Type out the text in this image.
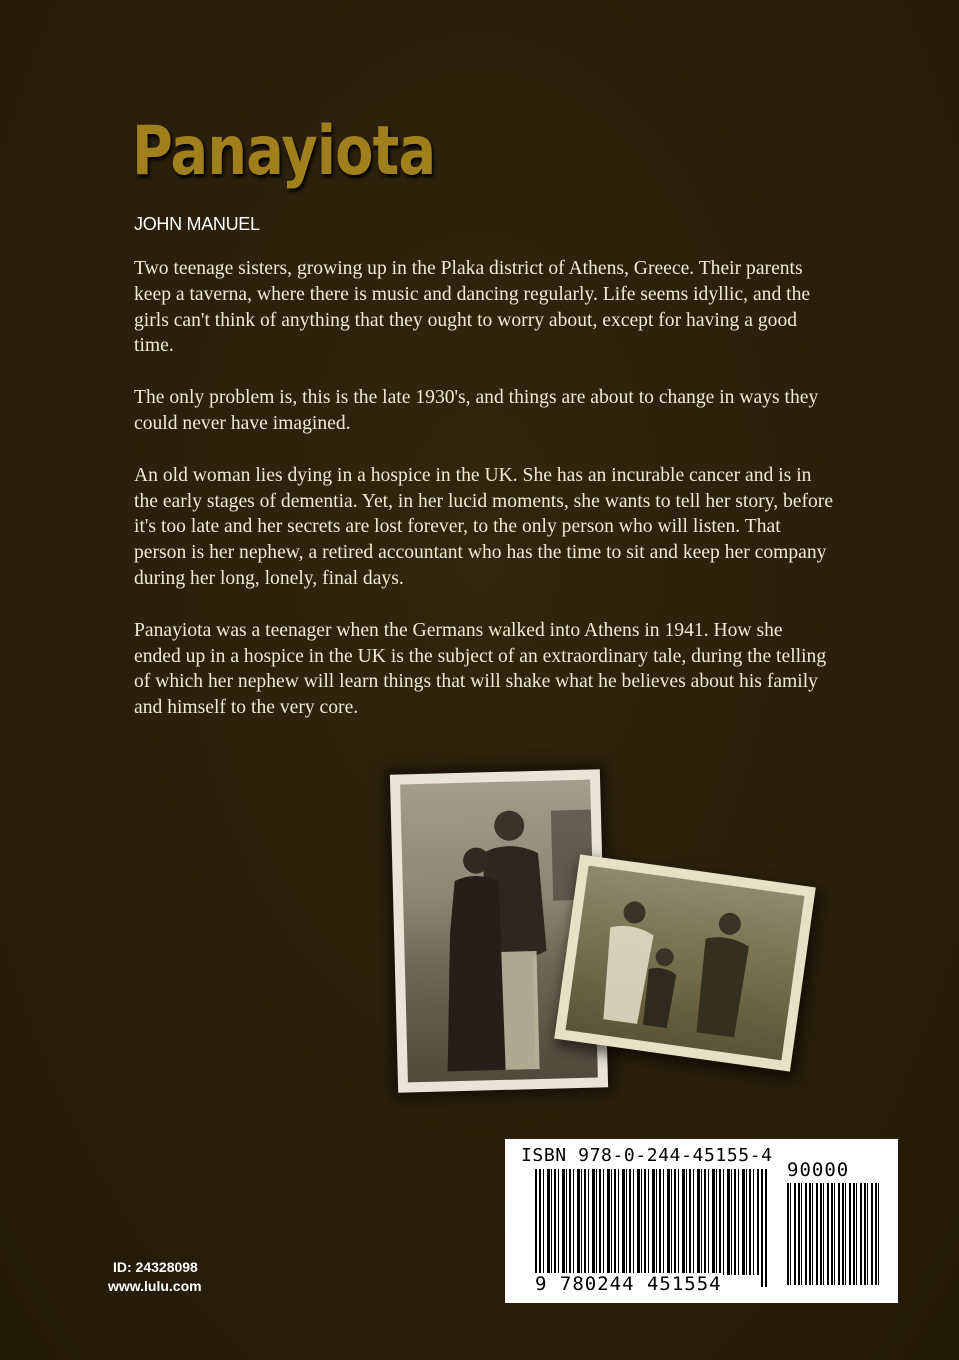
Panayiota
JOHN MANUEL

Two teenage sisters, growing up in the Plaka district of Athens, Greece. Their parents keep a taverna, where there is music and dancing regularly. Life seems idyllic, and the girls can't think of anything that they ought to worry about, except for having a good time.

The only problem is, this is the late 1930's, and things are about to change in ways they could never have imagined.

An old woman lies dying in a hospice in the UK. She has an incurable cancer and is in the early stages of dementia. Yet, in her lucid moments, she wants to tell her story, before it's too late and her secrets are lost forever, to the only person who will listen. That person is her nephew, a retired accountant who has the time to sit and keep her company during her long, lonely, final days.

Panayiota was a teenager when the Germans walked into Athens in 1941. How she ended up in a hospice in the UK is the subject of an extraordinary tale, during the telling of which her nephew will learn things that will shake what he believes about his family and himself to the very core.

ID: 24328098
www.lulu.com
ISBN 978-0-244-45155-4
90000
9 780244 451554
